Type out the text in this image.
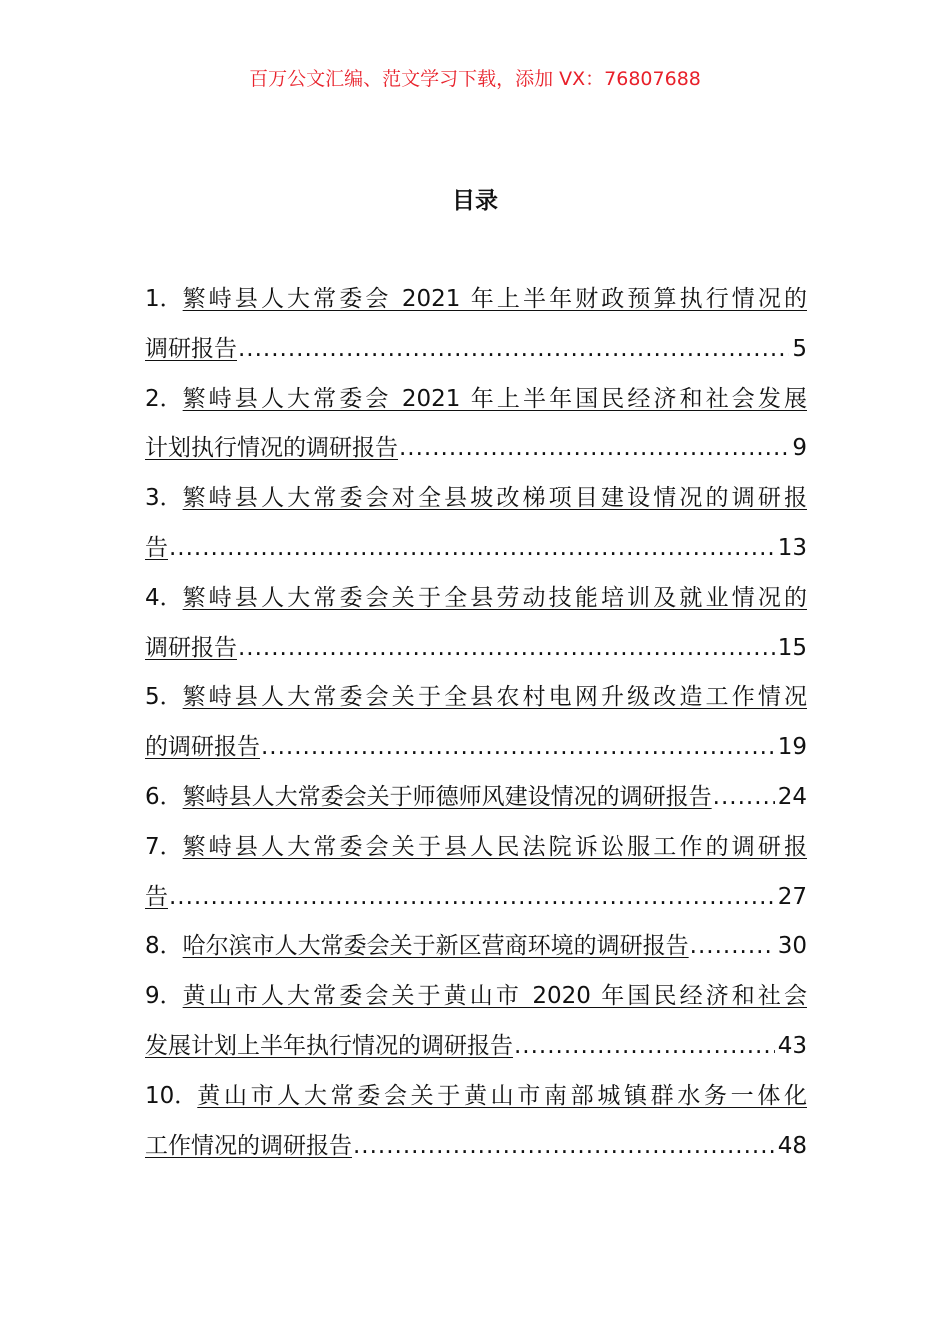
百万公文汇编、范文学习下载，添加 VX：76807688
目录
1． 繁峙县人大常委会 2021 年上半年财政预算执行情况的
调研报告 .....	5
2． 繁峙县人大常委会 2021 年上半年国民经济和社会发展
计划执行情况的调研报告 .....	9
3． 繁峙县人大常委会对全县坡改梯项目建设情况的调研报
告 .....	13
4． 繁峙县人大常委会关于全县劳动技能培训及就业情况的
调研报告 .....	15
5． 繁峙县人大常委会关于全县农村电网升级改造工作情况
的调研报告 .....	19
6． 繁峙县人大常委会关于师德师风建设情况的调研报告 .....	24
7． 繁峙县人大常委会关于县人民法院诉讼服工作的调研报
告 .....	27
8． 哈尔滨市人大常委会关于新区营商环境的调研报告 .....	30
9． 黄山市人大常委会关于黄山市 2020 年国民经济和社会
发展计划上半年执行情况的调研报告 .....	43
10． 黄山市人大常委会关于黄山市南部城镇群水务一体化
工作情况的调研报告 .....	48
